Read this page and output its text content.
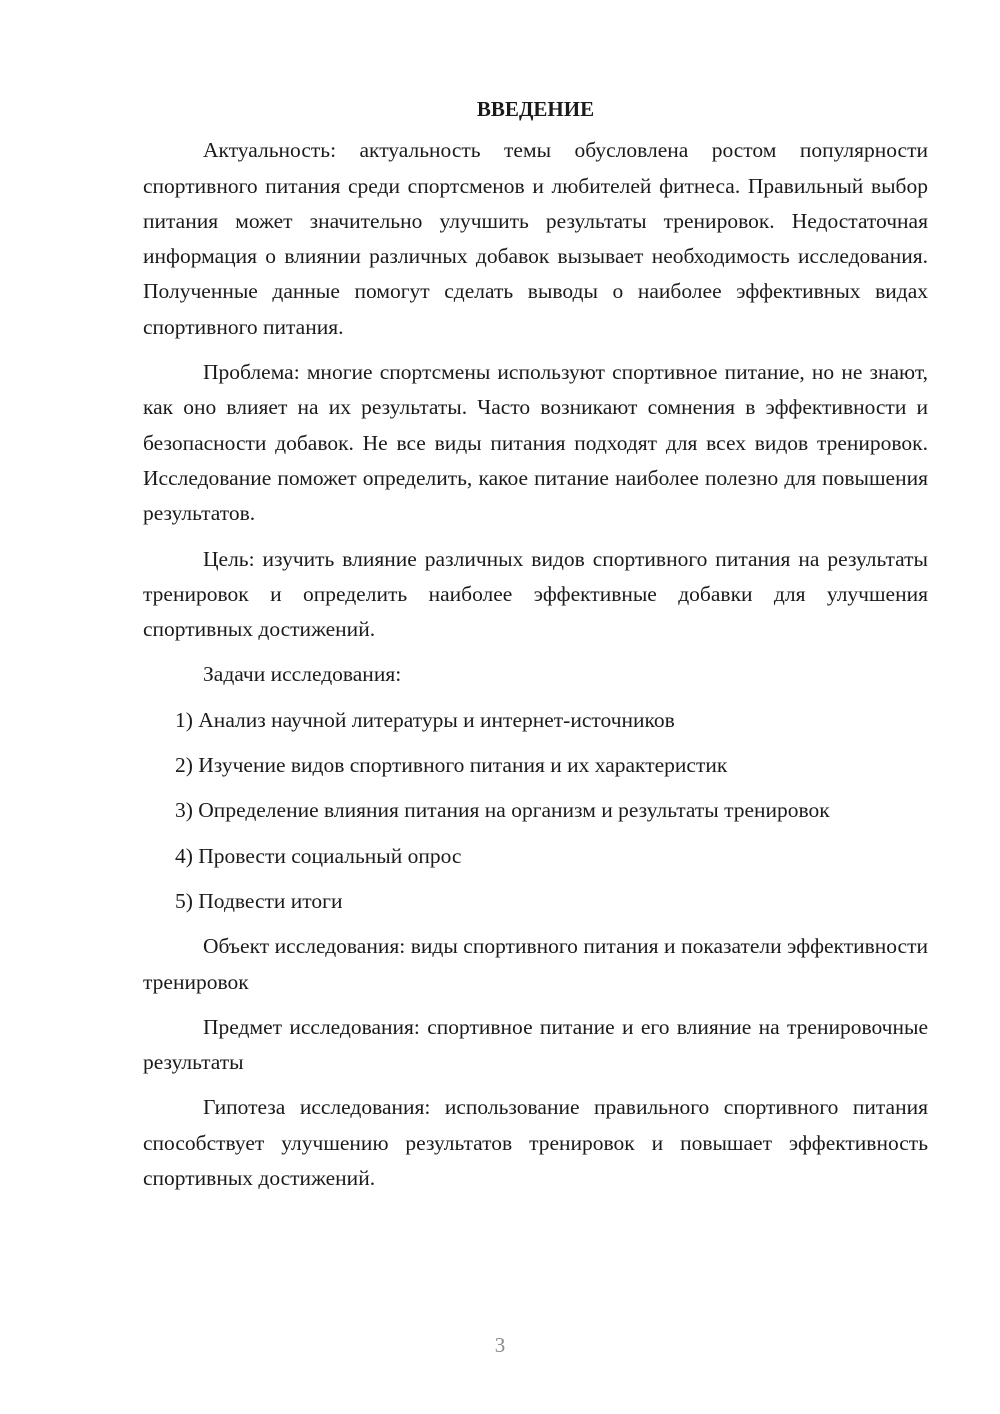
ВВЕДЕНИЕ

Актуальность: актуальность темы обусловлена ростом популярности спортивного питания среди спортсменов и любителей фитнеса. Правильный выбор питания может значительно улучшить результаты тренировок. Недостаточная информация о влиянии различных добавок вызывает необходимость исследования. Полученные данные помогут сделать выводы о наиболее эффективных видах спортивного питания.

Проблема: многие спортсмены используют спортивное питание, но не знают, как оно влияет на их результаты. Часто возникают сомнения в эффективности и безопасности добавок. Не все виды питания подходят для всех видов тренировок. Исследование поможет определить, какое питание наиболее полезно для повышения результатов.

Цель: изучить влияние различных видов спортивного питания на результаты тренировок и определить наиболее эффективные добавки для улучшения спортивных достижений.

Задачи исследования:

1) Анализ научной литературы и интернет-источников

2) Изучение видов спортивного питания и их характеристик

3) Определение влияния питания на организм и результаты тренировок

4) Провести социальный опрос

5) Подвести итоги

Объект исследования: виды спортивного питания и показатели эффективности тренировок

Предмет исследования: спортивное питание и его влияние на тренировочные результаты

Гипотеза исследования: использование правильного спортивного питания способствует улучшению результатов тренировок и повышает эффективность спортивных достижений.

3
